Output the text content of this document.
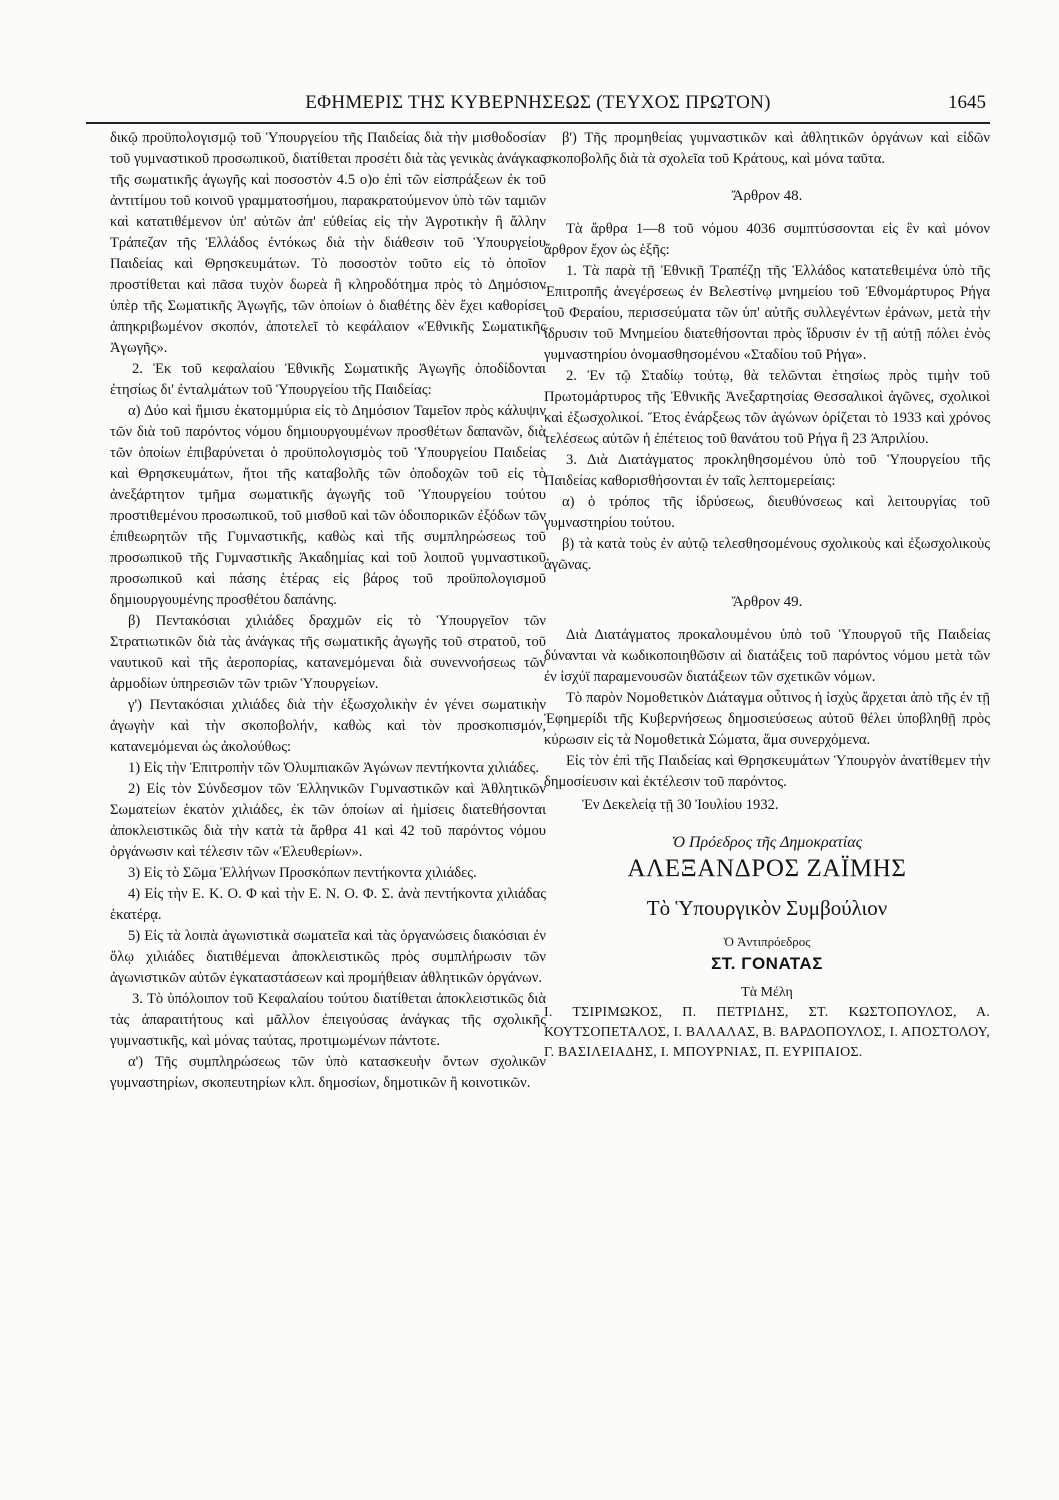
ΕΦΗΜΕΡΙΣ ΤΗΣ ΚΥΒΕΡΝΗΣΕΩΣ (ΤΕΥΧΟΣ ΠΡΩΤΟΝ)	1645

δικῷ προϋπολογισμῷ τοῦ Ὑπουργείου τῆς Παιδείας διὰ τὴν μισθοδοσίαν τοῦ γυμναστικοῦ προσωπικοῦ, διατίθεται προσέτι διὰ τὰς γενικὰς ἀνάγκας τῆς σωματικῆς ἀγωγῆς καὶ ποσοστὸν 4.5 ο)ο ἐπὶ τῶν εἰσπράξεων ἐκ τοῦ ἀντιτίμου τοῦ κοινοῦ γραμματοσήμου, παρακρατούμενον ὑπὸ τῶν ταμιῶν καὶ κατατιθέμενον ὑπ' αὐτῶν ἀπ' εὐθείας εἰς τὴν Ἀγροτικὴν ἢ ἄλλην Τράπεζαν τῆς Ἑλλάδος ἐντόκως διὰ τὴν διάθεσιν τοῦ Ὑπουργείου Παιδείας καὶ Θρησκευμάτων. Τὸ ποσοστὸν τοῦτο εἰς τὸ ὁποῖον προστίθεται καὶ πᾶσα τυχὸν δωρεὰ ἢ κληροδότημα πρὸς τὸ Δημόσιον ὑπὲρ τῆς Σωματικῆς Ἀγωγῆς, τῶν ὁποίων ὁ διαθέτης δὲν ἔχει καθορίσει ἀπηκριβωμένον σκοπόν, ἀποτελεῖ τὸ κεφάλαιον «Ἐθνικῆς Σωματικῆς Ἀγωγῆς».

2. Ἐκ τοῦ κεφαλαίου Ἐθνικῆς Σωματικῆς Ἀγωγῆς ὁποδίδονται ἐτησίως δι' ἐνταλμάτων τοῦ Ὑπουργείου τῆς Παιδείας:

α) Δύο καὶ ἥμισυ ἑκατομμύρια εἰς τὸ Δημόσιον Ταμεῖον πρὸς κάλυψιν τῶν διὰ τοῦ παρόντος νόμου δημιουργουμένων προσθέτων δαπανῶν, διὰ τῶν ὁποίων ἐπιβαρύνεται ὁ προϋπολογισμὸς τοῦ Ὑπουργείου Παιδείας καὶ Θρησκευμάτων, ἤτοι τῆς καταβολῆς τῶν ὁποδοχῶν τοῦ εἰς τὸ ἀνεξάρτητον τμῆμα σωματικῆς ἀγωγῆς τοῦ Ὑπουργείου τούτου προστιθεμένου προσωπικοῦ, τοῦ μισθοῦ καὶ τῶν ὁδοιπορικῶν ἐξόδων τῶν ἐπιθεωρητῶν τῆς Γυμναστικῆς, καθὼς καὶ τῆς συμπληρώσεως τοῦ προσωπικοῦ τῆς Γυμναστικῆς Ἀκαδημίας καὶ τοῦ λοιποῦ γυμναστικοῦ προσωπικοῦ καὶ πάσης ἑτέρας εἰς βάρος τοῦ προϋπολογισμοῦ δημιουργουμένης προσθέτου δαπάνης.

β) Πεντακόσιαι χιλιάδες δραχμῶν εἰς τὸ Ὑπουργεῖον τῶν Στρατιωτικῶν διὰ τὰς ἀνάγκας τῆς σωματικῆς ἀγωγῆς τοῦ στρατοῦ, τοῦ ναυτικοῦ καὶ τῆς ἀεροπορίας, κατανεμόμεναι διὰ συνεννοήσεως τῶν ἁρμοδίων ὑπηρεσιῶν τῶν τριῶν Ὑπουργείων.

γ') Πεντακόσιαι χιλιάδες διὰ τὴν ἐξωσχολικὴν ἐν γένει σωματικὴν ἀγωγὴν καὶ τὴν σκοποβολήν, καθὼς καὶ τὸν προσκοπισμόν, κατανεμόμεναι ὡς ἀκολούθως:

1) Εἰς τὴν Ἐπιτροπὴν τῶν Ὀλυμπιακῶν Ἀγώνων πεντήκοντα χιλιάδες.

2) Εἰς τὸν Σύνδεσμον τῶν Ἑλληνικῶν Γυμναστικῶν καὶ Ἀθλητικῶν Σωματείων ἑκατὸν χιλιάδες, ἐκ τῶν ὁποίων αἱ ἡμίσεις διατεθήσονται ἀποκλειστικῶς διὰ τὴν κατὰ τὰ ἄρθρα 41 καὶ 42 τοῦ παρόντος νόμου ὀργάνωσιν καὶ τέλεσιν τῶν «Ἐλευθερίων».

3) Εἰς τὸ Σῶμα Ἑλλήνων Προσκόπων πεντήκοντα χιλιάδες.

4) Εἰς τὴν Ε. Κ. Ο. Φ καὶ τὴν Ε. Ν. Ο. Φ. Σ. ἀνὰ πεντήκοντα χιλιάδας ἑκατέρᾳ.

5) Εἰς τὰ λοιπὰ ἀγωνιστικὰ σωματεῖα καὶ τὰς ὀργανώσεις διακόσιαι ἐν ὅλῳ χιλιάδες διατιθέμεναι ἀποκλειστικῶς πρὸς συμπλήρωσιν τῶν ἀγωνιστικῶν αὐτῶν ἐγκαταστάσεων καὶ προμήθειαν ἀθλητικῶν ὀργάνων.

3. Τὸ ὑπόλοιπον τοῦ Κεφαλαίου τούτου διατίθεται ἀποκλειστικῶς διὰ τὰς ἀπαραιτήτους καὶ μᾶλλον ἐπειγούσας ἀνάγκας τῆς σχολικῆς γυμναστικῆς, καὶ μόνας ταύτας, προτιμωμένων πάντοτε.

α') Τῆς συμπληρώσεως τῶν ὑπὸ κατασκευὴν ὄντων σχολικῶν γυμναστηρίων, σκοπευτηρίων κλπ. δημοσίων, δημοτικῶν ἢ κοινοτικῶν.

β') Τῆς προμηθείας γυμναστικῶν καὶ ἀθλητικῶν ὀργάνων καὶ εἰδῶν σκοποβολῆς διὰ τὰ σχολεῖα τοῦ Κράτους, καὶ μόνα ταῦτα.

Ἄρθρον 48.

Τὰ ἄρθρα 1—8 τοῦ νόμου 4036 συμπτύσσονται εἰς ἓν καὶ μόνον ἄρθρον ἔχον ὡς ἑξῆς:

1. Τὰ παρὰ τῇ Ἐθνικῇ Τραπέζῃ τῆς Ἑλλάδος κατατεθειμένα ὑπὸ τῆς Ἐπιτροπῆς ἀνεγέρσεως ἐν Βελεστίνῳ μνημείου τοῦ Ἐθνομάρτυρος Ρήγα τοῦ Φεραίου, περισσεύματα τῶν ὑπ' αὐτῆς συλλεγέντων ἐράνων, μετὰ τὴν ἵδρυσιν τοῦ Μνημείου διατεθήσονται πρὸς ἵδρυσιν ἐν τῇ αὐτῇ πόλει ἑνὸς γυμναστηρίου ὀνομασθησομένου «Σταδίου τοῦ Ρήγα».

2. Ἐν τῷ Σταδίῳ τούτῳ, θὰ τελῶνται ἐτησίως πρὸς τιμὴν τοῦ Πρωτομάρτυρος τῆς Ἐθνικῆς Ἀνεξαρτησίας Θεσσαλικοὶ ἀγῶνες, σχολικοὶ καὶ ἐξωσχολικοί. Ἔτος ἐνάρξεως τῶν ἀγώνων ὁρίζεται τὸ 1933 καὶ χρόνος τελέσεως αὐτῶν ἡ ἐπέτειος τοῦ θανάτου τοῦ Ρήγα ἢ 23 Ἀπριλίου.

3. Διὰ Διατάγματος προκληθησομένου ὑπὸ τοῦ Ὑπουργείου τῆς Παιδείας καθορισθήσονται ἐν ταῖς λεπτομερείαις:

α) ὁ τρόπος τῆς ἱδρύσεως, διευθύνσεως καὶ λειτουργίας τοῦ γυμναστηρίου τούτου.

β) τὰ κατὰ τοὺς ἐν αὐτῷ τελεσθησομένους σχολικοὺς καὶ ἐξωσχολικοὺς ἀγῶνας.

Ἄρθρον 49.

Διὰ Διατάγματος προκαλουμένου ὑπὸ τοῦ Ὑπουργοῦ τῆς Παιδείας δύνανται νὰ κωδικοποιηθῶσιν αἱ διατάξεις τοῦ παρόντος νόμου μετὰ τῶν ἐν ἰσχύϊ παραμενουσῶν διατάξεων τῶν σχετικῶν νόμων.

Τὸ παρὸν Νομοθετικὸν Διάταγμα οὗτινος ἡ ἰσχὺς ἄρχεται ἀπὸ τῆς ἐν τῇ Ἐφημερίδι τῆς Κυβερνήσεως δημοσιεύσεως αὐτοῦ θέλει ὑποβληθῇ πρὸς κύρωσιν εἰς τὰ Νομοθετικὰ Σώματα, ἅμα συνερχόμενα.

Εἰς τὸν ἐπὶ τῆς Παιδείας καὶ Θρησκευμάτων Ὑπουργὸν ἀνατίθεμεν τὴν δημοσίευσιν καὶ ἐκτέλεσιν τοῦ παρόντος.

Ἐν Δεκελείᾳ τῇ 30 Ἰουλίου 1932.

Ὁ Πρόεδρος τῆς Δημοκρατίας
ΑΛΕΞΑΝΔΡΟΣ ΖΑΪΜΗΣ
Τὸ Ὑπουργικὸν Συμβούλιον
Ὁ Ἀντιπρόεδρος
ΣΤ. ΓΟΝΑΤΑΣ
Τὰ Μέλη

Ι. ΤΣΙΡΙΜΩΚΟΣ, Π. ΠΕΤΡΙΔΗΣ, ΣΤ. ΚΩΣΤΟΠΟΥΛΟΣ, Α. ΚΟΥΤΣΟΠΕΤΑΛΟΣ, Ι. ΒΑΛΑΛΑΣ, Β. ΒΑΡΔΟΠΟΥΛΟΣ, Ι. ΑΠΟΣΤΟΛΟΥ, Γ. ΒΑΣΙΛΕΙΑΔΗΣ, Ι. ΜΠΟΥΡΝΙΑΣ, Π. ΕΥΡΙΠΑΙΟΣ.
